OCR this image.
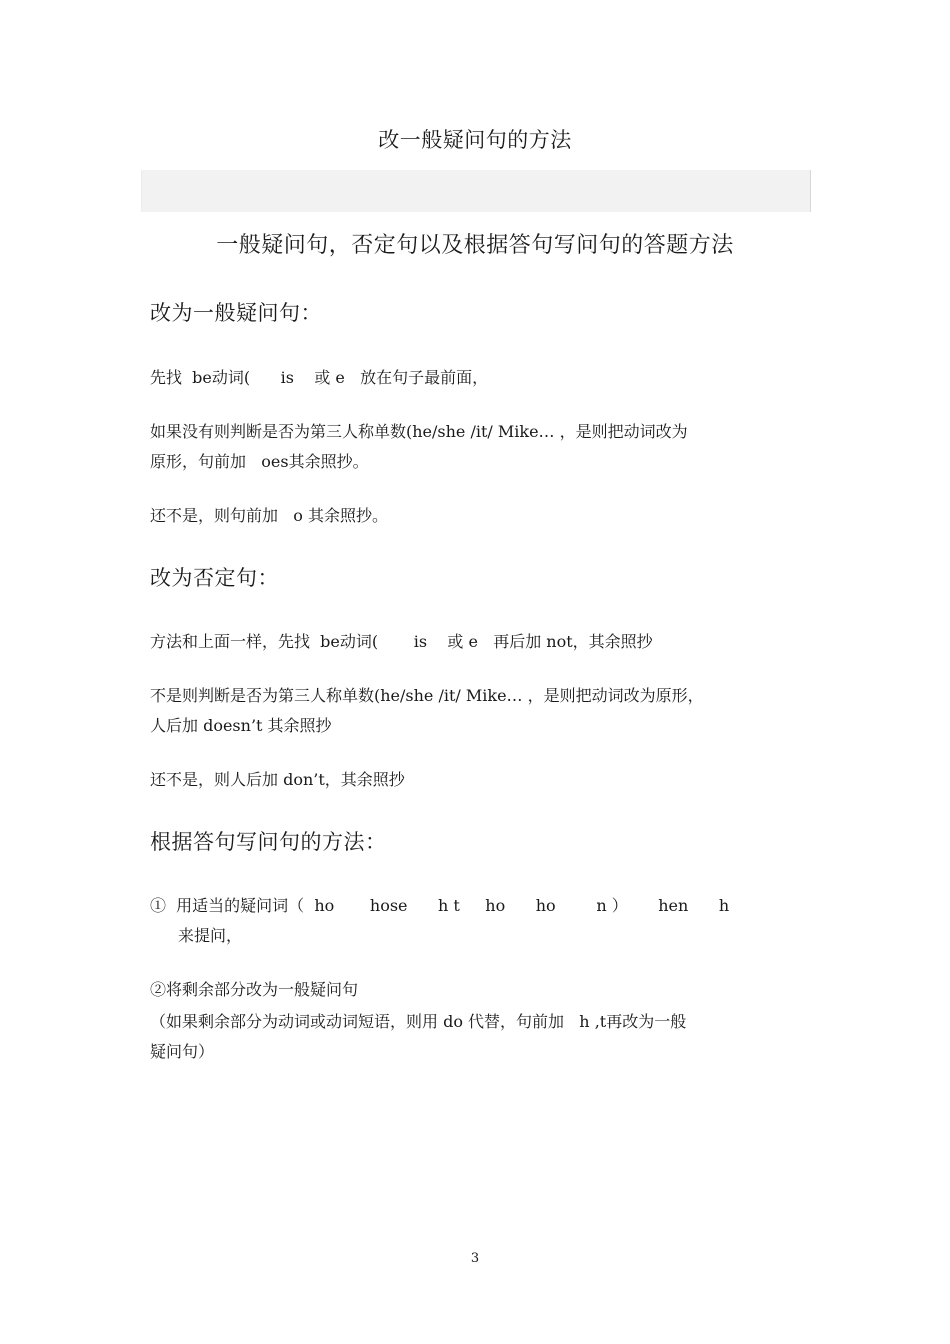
改一般疑问句的方法
一般疑问句，否定句以及根据答句写问句的答题方法
改为一般疑问句：
先找  be动词(      is    或 e   放在句子最前面，
如果没有则判断是否为第三人称单数(he/she /it/ Mike… ，是则把动词改为
原形，句前加   oes其余照抄。
还不是，则句前加   o 其余照抄。
改为否定句：
方法和上面一样，先找  be动词(       is    或 e   再后加 not，其余照抄
不是则判断是否为第三人称单数(he/she /it/ Mike… ，是则把动词改为原形，
人后加 doesn’t 其余照抄
还不是，则人后加 don’t，其余照抄
根据答句写问句的方法：
①  用适当的疑问词（  ho       hose      h t     ho      ho        n ）      hen      h
来提问，
②将剩余部分改为一般疑问句
（如果剩余部分为动词或动词短语，则用 do 代替，句前加   h ,t再改为一般
疑问句）
3
